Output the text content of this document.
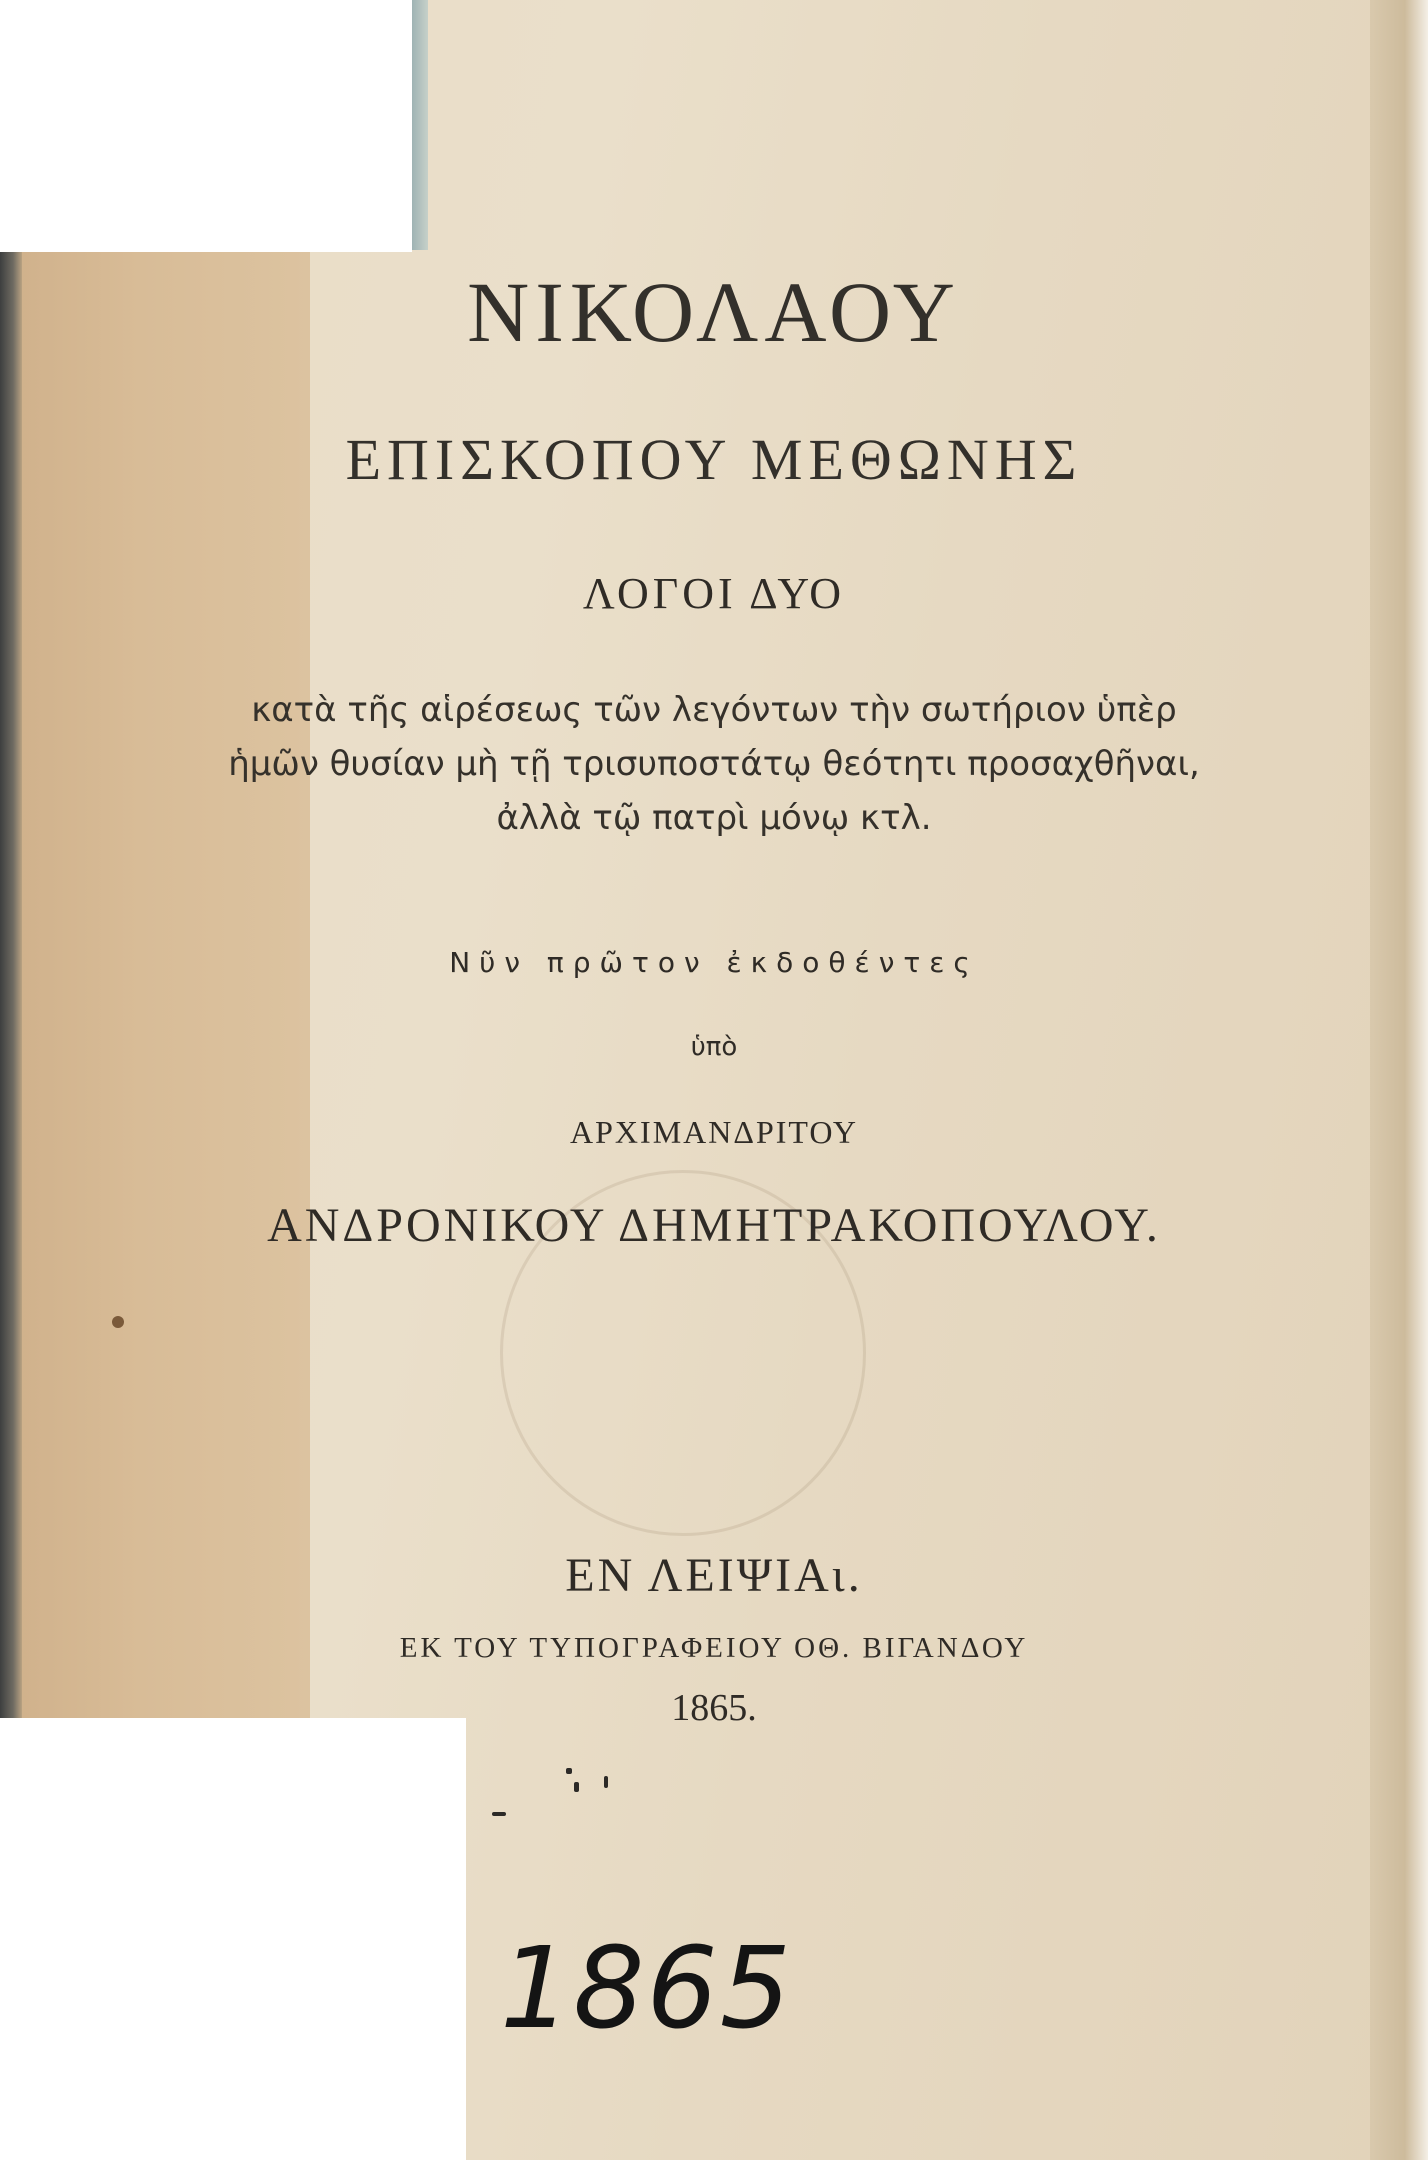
ΝΙΚΟΛΑΟΥ
ΕΠΙΣΚΟΠΟΥ ΜΕΘΩΝΗΣ
ΛΟΓΟΙ ΔΥΟ
κατὰ τῆς αἱρέσεως τῶν λεγόντων τὴν σωτήριον ὑπὲρ
ἡμῶν θυσίαν μὴ τῇ τρισυποστάτῳ θεότητι προσαχθῆναι,
ἀλλὰ τῷ πατρὶ μόνῳ κτλ.
Νῦν πρῶτον ἐκδοθέντες
ὑπὸ
ΑΡΧΙΜΑΝΔΡΙΤΟΥ
ΑΝΔΡΟΝΙΚΟΥ ΔΗΜΗΤΡΑΚΟΠΟΥΛΟΥ.
ΕΝ ΛΕΙΨΙΑι.
ΕΚ ΤΟΥ ΤΥΠΟΓΡΑΦΕΙΟΥ ΟΘ. ΒΙΓΑΝΔΟΥ
1865.
1865
